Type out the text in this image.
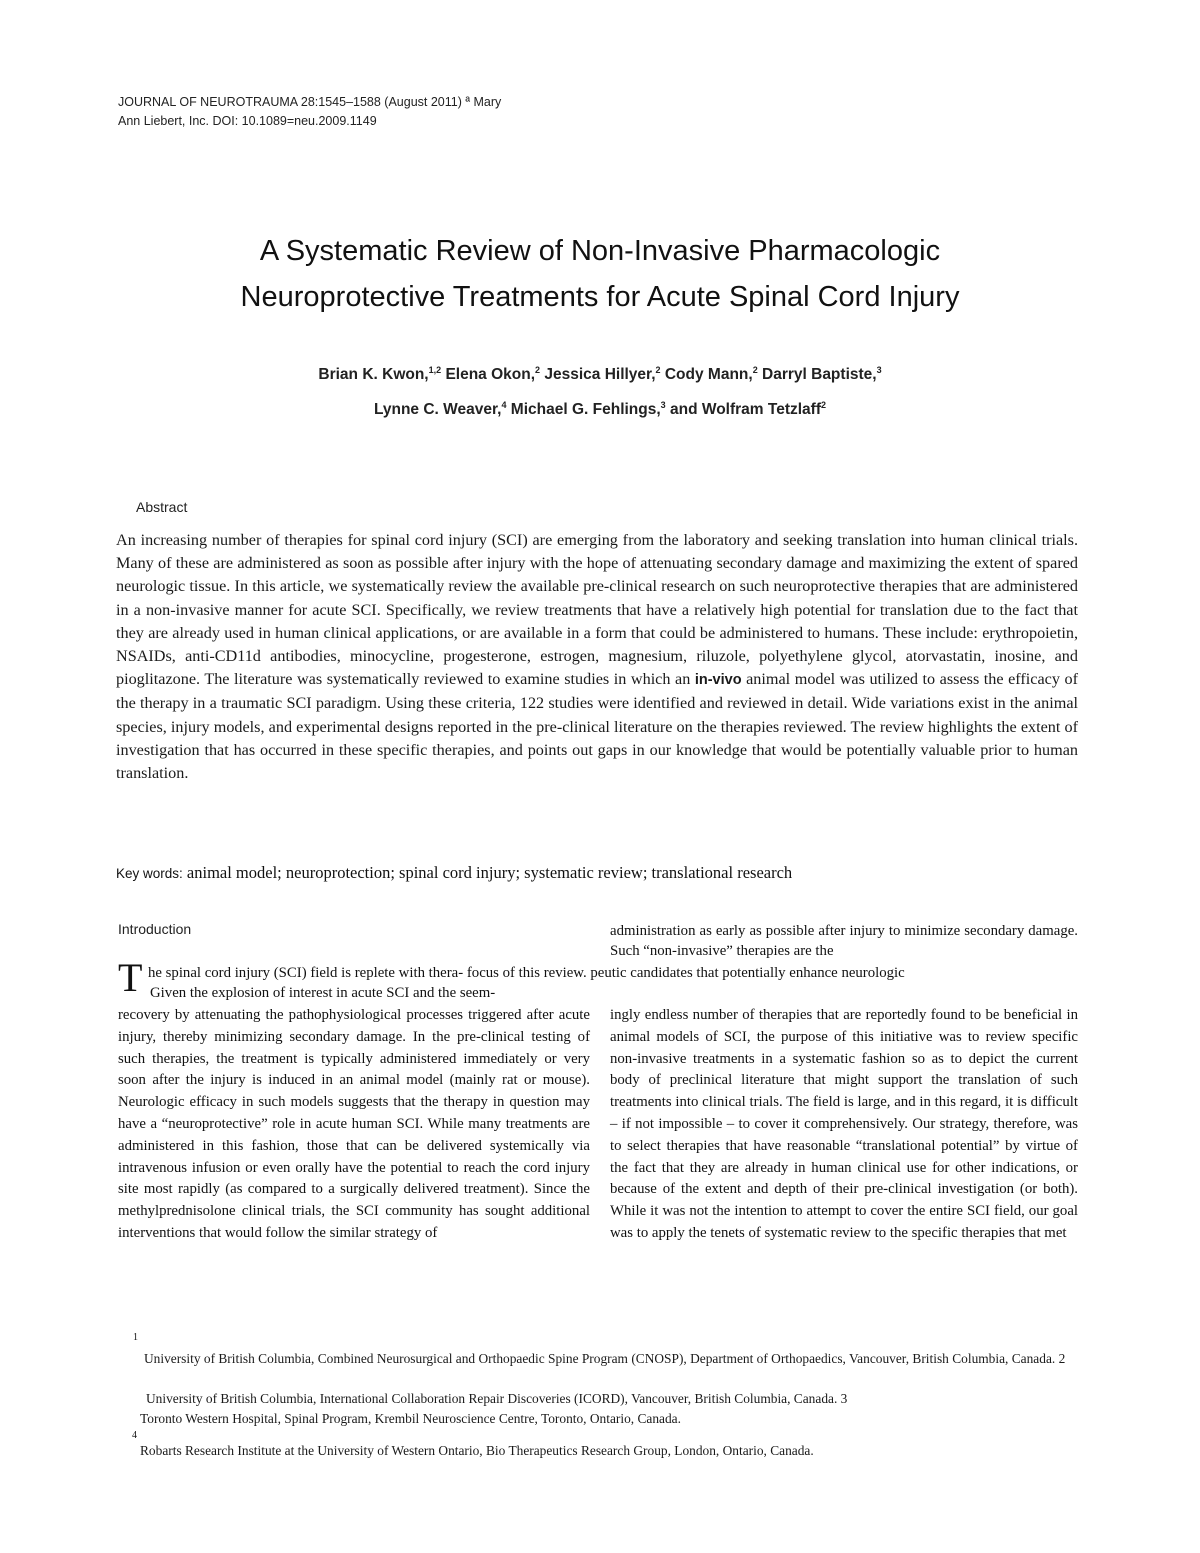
JOURNAL OF NEUROTRAUMA 28:1545–1588 (August 2011) ª Mary
Ann Liebert, Inc. DOI: 10.1089=neu.2009.1149
A Systematic Review of Non-Invasive Pharmacologic
Neuroprotective Treatments for Acute Spinal Cord Injury
Brian K. Kwon,$^{1,2}$ Elena Okon,$^2$ Jessica Hillyer,$^2$ Cody Mann,$^2$ Darryl Baptiste,$^3$
Lynne C. Weaver,$^4$ Michael G. Fehlings,$^3$ and Wolfram Tetzlaff$^2$
Abstract
An increasing number of therapies for spinal cord injury (SCI) are emerging from the laboratory and seeking translation into human clinical trials. Many of these are administered as soon as possible after injury with the hope of attenuating secondary damage and maximizing the extent of spared neurologic tissue. In this article, we systematically review the available pre-clinical research on such neuroprotective therapies that are administered in a non-invasive manner for acute SCI. Specifically, we review treatments that have a relatively high potential for translation due to the fact that they are already used in human clinical applications, or are available in a form that could be administered to humans. These include: erythropoietin, NSAIDs, anti-CD11d antibodies, minocycline, progesterone, estrogen, magnesium, riluzole, polyethylene glycol, atorvastatin, inosine, and pioglitazone. The literature was systematically reviewed to examine studies in which an in-vivo animal model was utilized to assess the efficacy of the therapy in a traumatic SCI paradigm. Using these criteria, 122 studies were identified and reviewed in detail. Wide variations exist in the animal species, injury models, and experimental designs reported in the pre-clinical literature on the therapies reviewed. The review highlights the extent of investigation that has occurred in these specific therapies, and points out gaps in our knowledge that would be potentially valuable prior to human translation.
Key words: animal model; neuroprotection; spinal cord injury; systematic review; translational research
Introduction	administration as early as possible after injury to minimize secondary damage. Such “non-invasive” therapies are the
T he spinal cord injury (SCI) field is replete with thera- focus of this review. peutic candidates that potentially enhance neurologic
Given the explosion of interest in acute SCI and the seem-
recovery by attenuating the pathophysiological processes triggered after acute injury, thereby minimizing secondary damage. In the pre-clinical testing of such therapies, the treatment is typically administered immediately or very soon after the injury is induced in an animal model (mainly rat or mouse). Neurologic efficacy in such models suggests that the therapy in question may have a “neuroprotective” role in acute human SCI. While many treatments are administered in this fashion, those that can be delivered systemically via intravenous infusion or even orally have the potential to reach the cord injury site most rapidly (as compared to a surgically delivered treatment). Since the methylprednisolone clinical trials, the SCI community has sought additional interventions that would follow the similar strategy of
ingly endless number of therapies that are reportedly found to be beneficial in animal models of SCI, the purpose of this initiative was to review specific non-invasive treatments in a systematic fashion so as to depict the current body of preclinical literature that might support the translation of such treatments into clinical trials. The field is large, and in this regard, it is difficult – if not impossible – to cover it comprehensively. Our strategy, therefore, was to select therapies that have reasonable “translational potential” by virtue of the fact that they are already in human clinical use for other indications, or because of the extent and depth of their pre-clinical investigation (or both). While it was not the intention to attempt to cover the entire SCI field, our goal was to apply the tenets of systematic review to the specific therapies that met
1
University of British Columbia, Combined Neurosurgical and Orthopaedic Spine Program (CNOSP), Department of Orthopaedics, Vancouver, British Columbia, Canada. 2
University of British Columbia, International Collaboration Repair Discoveries (ICORD), Vancouver, British Columbia, Canada. 3
Toronto Western Hospital, Spinal Program, Krembil Neuroscience Centre, Toronto, Ontario, Canada.
4
Robarts Research Institute at the University of Western Ontario, Bio Therapeutics Research Group, London, Ontario, Canada.
